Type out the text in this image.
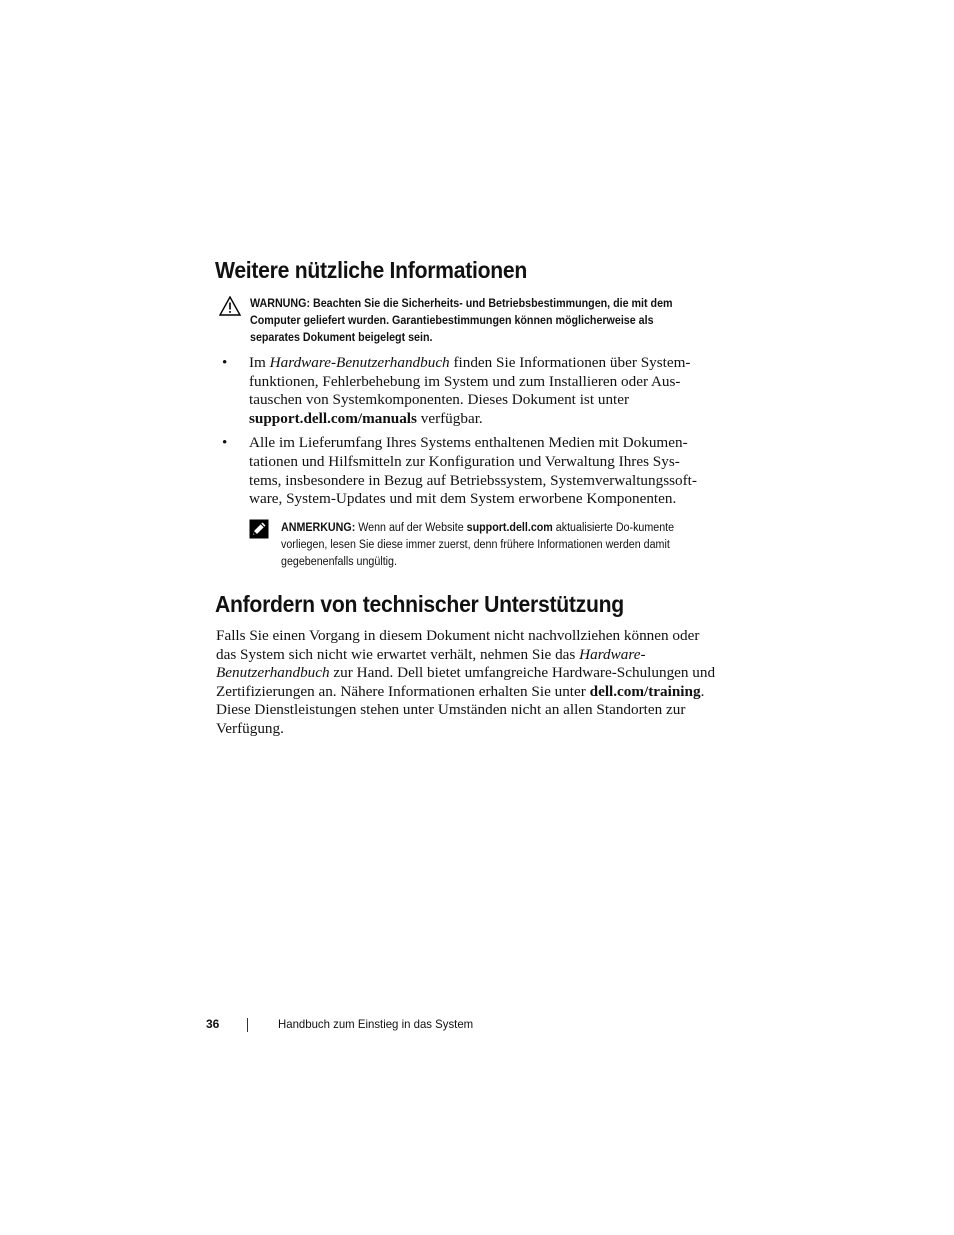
Weitere nützliche Informationen
WARNUNG: Beachten Sie die Sicherheits- und Betriebsbestimmungen, die mit dem Computer geliefert wurden. Garantiebestimmungen können möglicherweise als separates Dokument beigelegt sein.
• Im Hardware-Benutzerhandbuch finden Sie Informationen über System-funktionen, Fehlerbehebung im System und zum Installieren oder Aus-tauschen von Systemkomponenten. Dieses Dokument ist unter support.dell.com/manuals verfügbar.
• Alle im Lieferumfang Ihres Systems enthaltenen Medien mit Dokumen-tationen und Hilfsmitteln zur Konfiguration und Verwaltung Ihres Sys-tems, insbesondere in Bezug auf Betriebssystem, Systemverwaltungssoft-ware, System-Updates und mit dem System erworbene Komponenten.
ANMERKUNG: Wenn auf der Website support.dell.com aktualisierte Do-kumente vorliegen, lesen Sie diese immer zuerst, denn frühere Informationen werden damit gegebenenfalls ungültig.
Anfordern von technischer Unterstützung

Falls Sie einen Vorgang in diesem Dokument nicht nachvollziehen können oder das System sich nicht wie erwartet verhält, nehmen Sie das Hardware-Benutzerhandbuch zur Hand. Dell bietet umfangreiche Hardware-Schulungen und Zertifizierungen an. Nähere Informationen erhalten Sie unter dell.com/training. Diese Dienstleistungen stehen unter Umständen nicht an allen Standorten zur Verfügung.

36	Handbuch zum Einstieg in das System
